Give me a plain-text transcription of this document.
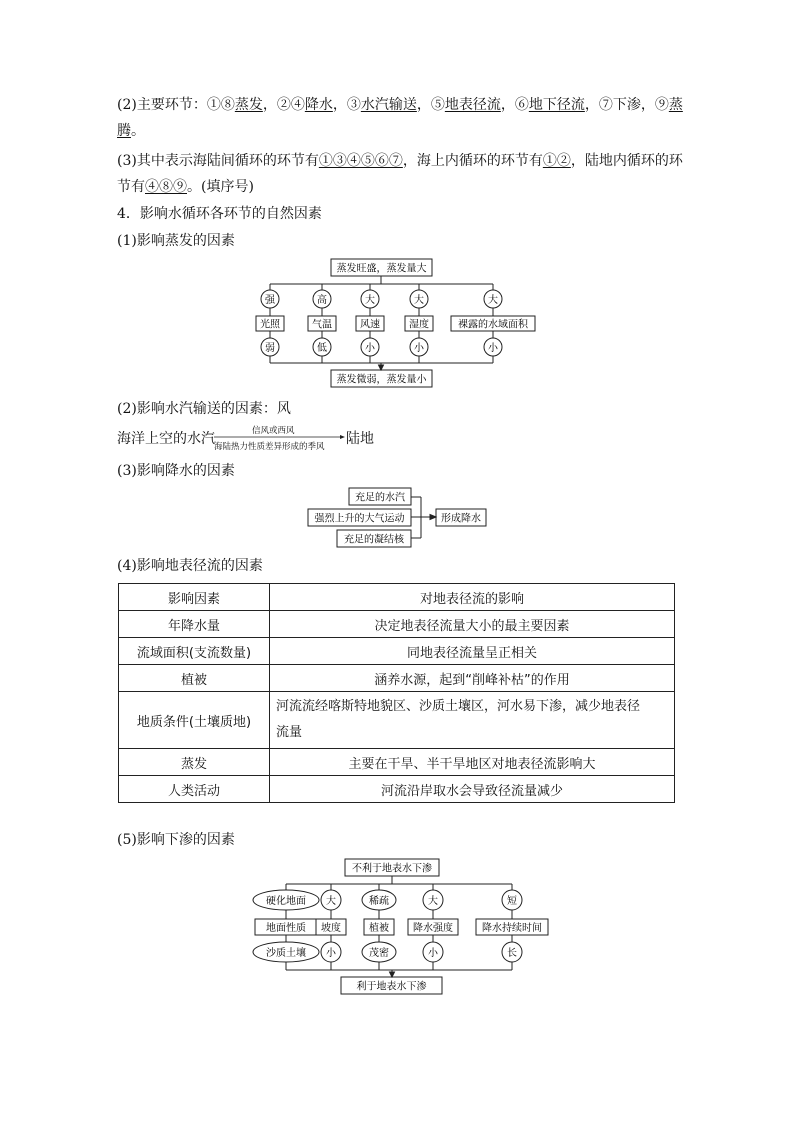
(2)主要环节：①⑧蒸发，②④降水，③水汽输送，⑤地表径流，⑥地下径流，⑦下渗，⑨蒸
腾。
(3)其中表示海陆间循环的环节有①③④⑤⑥⑦，海上内循环的环节有①②，陆地内循环的环
节有④⑧⑨。(填序号)
4．影响水循环各环节的自然因素
(1)影响蒸发的因素
强
光照
弱
高
气温
低
大
风速
小
大
湿度
小
大
裸露的水域面积
小
蒸发旺盛，蒸发量大
蒸发微弱，蒸发量小
(2)影响水汽输送的因素：风
海洋上空的水汽	信风或西风
海陆热力性质差异形成的季风 陆地
(3)影响降水的因素
充足的水汽
强烈上升的大气运动
充足的凝结核
形成降水
(4)影响地表径流的因素
影响因素	对地表径流的影响
年降水量	决定地表径流量大小的最主要因素
流域面积(支流数量)	同地表径流量呈正相关
植被	涵养水源，起到“削峰补枯”的作用
地质条件(土壤质地)	河流流经喀斯特地貌区、沙质土壤区，河水易下渗，减少地表径
流量

蒸发	主要在干旱、半干旱地区对地表径流影响大
人类活动	河流沿岸取水会导致径流量减少
(5)影响下渗的因素
硬化地面
地面性质
沙质土壤
大
坡度
小
稀疏
植被
茂密
大
降水强度
小
短
降水持续时间
长
不利于地表水下渗
利于地表水下渗
